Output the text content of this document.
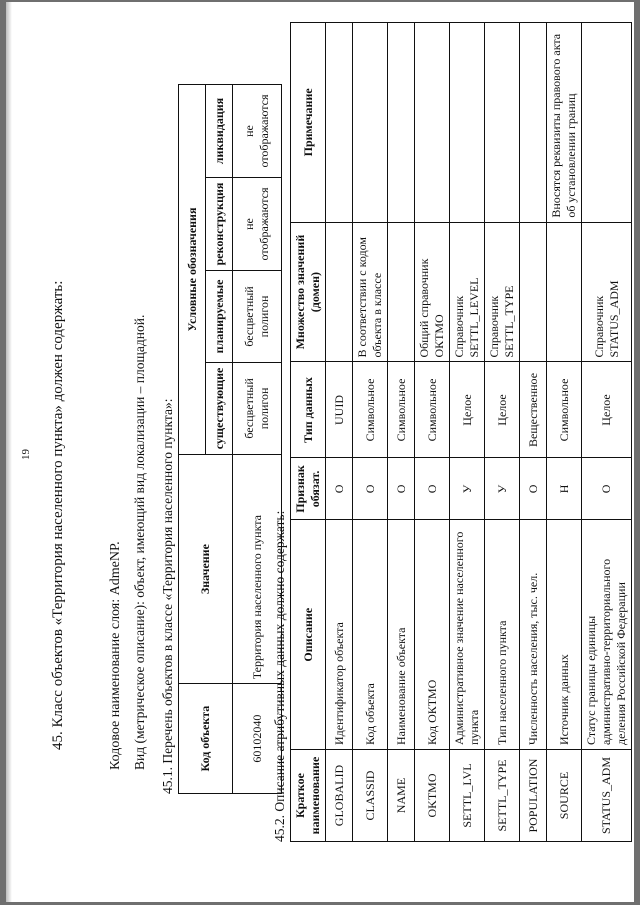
19 45. Класс объектов «Территория населенного пункта» должен содержать:	Кодовое наименование слоя: AdmeNP. Вид (метрическое описание): объект, имеющий вид локализации – площадной. 45.1. Перечень объектов в классе «Территория населенного пункта»: Код объекта	Значение	Условные обозначения			
		существующие	планируемые	реконструкция	ликвидация
60102040	Территория населенного пункта	бесцветный полигон	бесцветный полигон	не отображаются	не отображаются
45.2. Описание атрибутивных данных должно содержать: Краткое наименование	Описание	Признак обязат.	Тип данных	Множество значений (домен)	Примечание
GLOBALID	Идентификатор объекта	О	UUID		
CLASSID	Код объекта	О	Символьное	В соответствии с кодом объекта в классе	
NAME	Наименование объекта	О	Символьное		
OKTMO	Код ОКТМО	О	Символьное	Общий справочник ОКТМО	
SETTL_LVL	Административное значение населенного пункта	У	Целое	Справочник SETTL_LEVEL	
SETTL_TYPE	Тип населенного пункта	У	Целое	Справочник SETTL_TYPE	
POPULATION	Численность населения, тыс. чел.	О	Вещественное		
SOURCE	Источник данных	Н	Символьное		Вносятся реквизиты правового акта об установлении границ
STATUS_ADM	Статус границы единицы административно-территориального деления Российской Федерации	О	Целое	Справочник STATUS_ADM	
